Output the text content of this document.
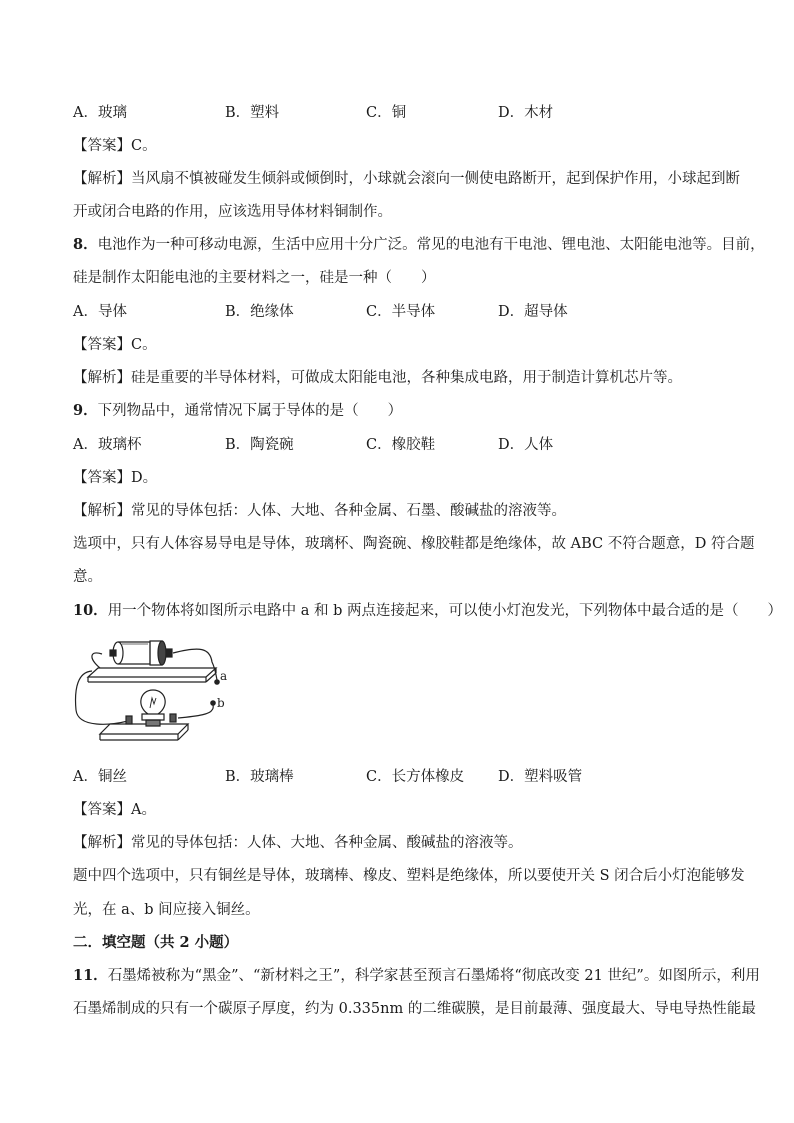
A．玻璃	B．塑料	C．铜	D．木材
【答案】C。
【解析】当风扇不慎被碰发生倾斜或倾倒时，小球就会滚向一侧使电路断开，起到保护作用，小球起到断
开或闭合电路的作用，应该选用导体材料铜制作。
8．电池作为一种可移动电源，生活中应用十分广泛。常见的电池有干电池、锂电池、太阳能电池等。目前，
硅是制作太阳能电池的主要材料之一，硅是一种（　　）
A．导体	B．绝缘体	C．半导体	D．超导体
【答案】C。
【解析】硅是重要的半导体材料，可做成太阳能电池，各种集成电路，用于制造计算机芯片等。
9．下列物品中，通常情况下属于导体的是（　　）
A．玻璃杯	B．陶瓷碗	C．橡胶鞋	D．人体
【答案】D。
【解析】常见的导体包括：人体、大地、各种金属、石墨、酸碱盐的溶液等。
选项中，只有人体容易导电是导体，玻璃杯、陶瓷碗、橡胶鞋都是绝缘体，故 ABC 不符合题意，D 符合题
意。
10．用一个物体将如图所示电路中 a 和 b 两点连接起来，可以使小灯泡发光，下列物体中最合适的是（　　）
a
b
A．铜丝	B．玻璃棒	C．长方体橡皮 D．塑料吸管
【答案】A。
【解析】常见的导体包括：人体、大地、各种金属、酸碱盐的溶液等。
题中四个选项中，只有铜丝是导体，玻璃棒、橡皮、塑料是绝缘体，所以要使开关 S 闭合后小灯泡能够发
光，在 a、b 间应接入铜丝。
二．填空题（共 2 小题）
11．石墨烯被称为“黑金”、“新材料之王”，科学家甚至预言石墨烯将“彻底改变 21 世纪”。如图所示，利用
石墨烯制成的只有一个碳原子厚度，约为 0.335nm 的二维碳膜，是目前最薄、强度最大、导电导热性能最
